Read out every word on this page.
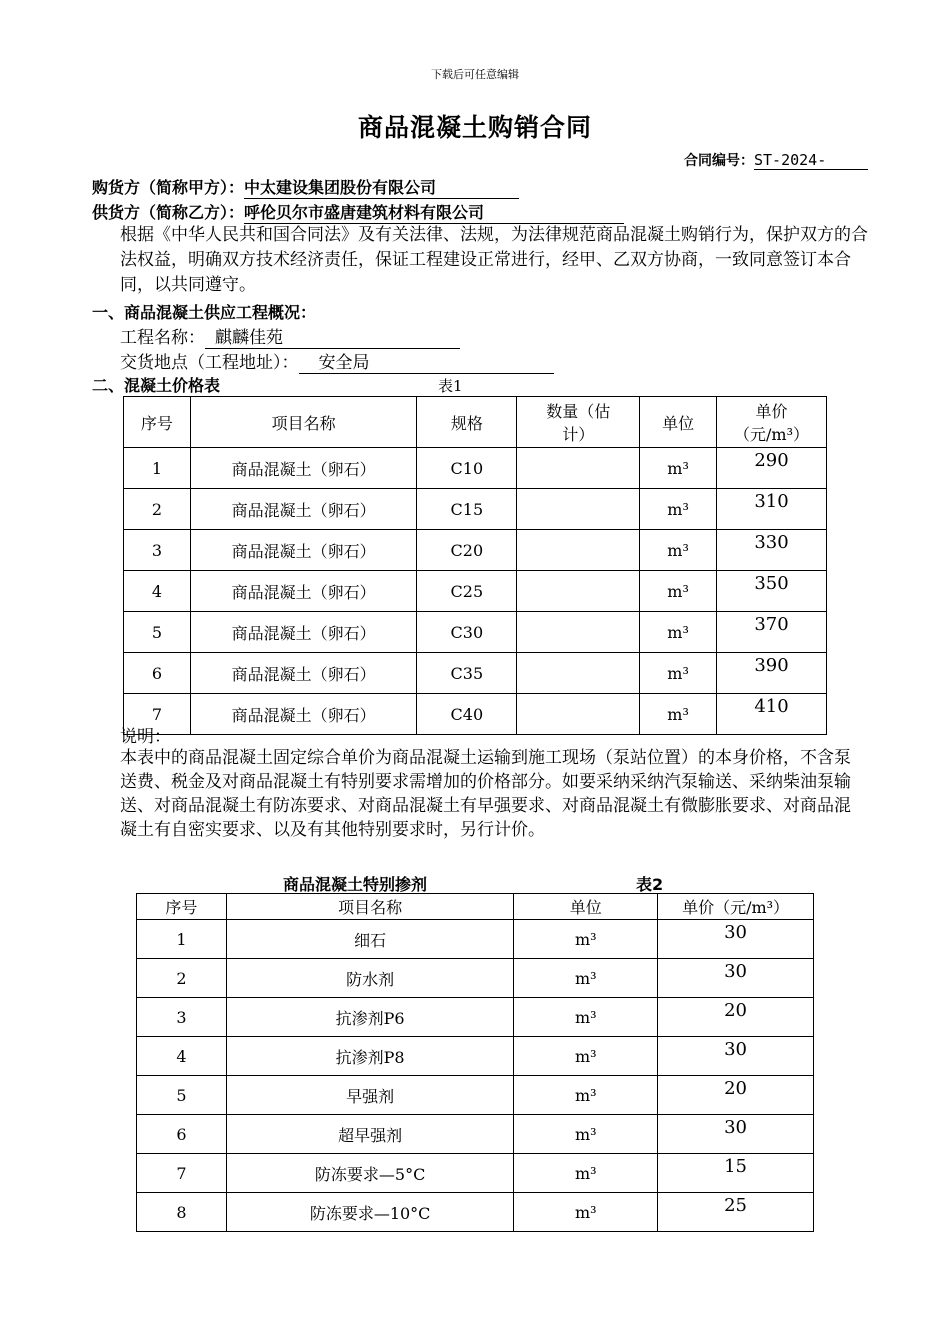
下载后可任意编辑
商品混凝土购销合同
合同编号：ST-2024-
购货方（简称甲方）：中太建设集团股份有限公司
供货方（简称乙方）：呼伦贝尔市盛唐建筑材料有限公司
根据《中华人民共和国合同法》及有关法律、法规，为法律规范商品混凝土购销行为，保护双方的合法权益，明确双方技术经济责任，保证工程建设正常进行，经甲、乙双方协商，一致同意签订本合同，以共同遵守。
一、商品混凝土供应工程概况：
工程名称： 麒麟佳苑
交货地点（工程地址）： 安全局
二、混凝土价格表	表1
序号	项目名称	规格	数量（估计）	单位	单价（元/m³）
1	商品混凝土（卵石）	C10		m³	290
2	商品混凝土（卵石）	C15		m³	310
3	商品混凝土（卵石）	C20		m³	330
4	商品混凝土（卵石）	C25		m³	350
5	商品混凝土（卵石）	C30		m³	370
6	商品混凝土（卵石）	C35		m³	390
7	商品混凝土（卵石）	C40		m³	410
说明：
本表中的商品混凝土固定综合单价为商品混凝土运输到施工现场（泵站位置）的本身价格，不含泵送费、税金及对商品混凝土有特别要求需增加的价格部分。如要采纳采纳汽泵输送、采纳柴油泵输送、对商品混凝土有防冻要求、对商品混凝土有早强要求、对商品混凝土有微膨胀要求、对商品混凝土有自密实要求、以及有其他特别要求时，另行计价。
商品混凝土特别掺剂	表2
序号	项目名称	单位	单价（元/m³）
1	细石	m³	30
2	防水剂	m³	30
3	抗渗剂P6	m³	20
4	抗渗剂P8	m³	30
5	早强剂	m³	20
6	超早强剂	m³	30
7	防冻要求—5°C	m³	15
8	防冻要求—10°C	m³	25
